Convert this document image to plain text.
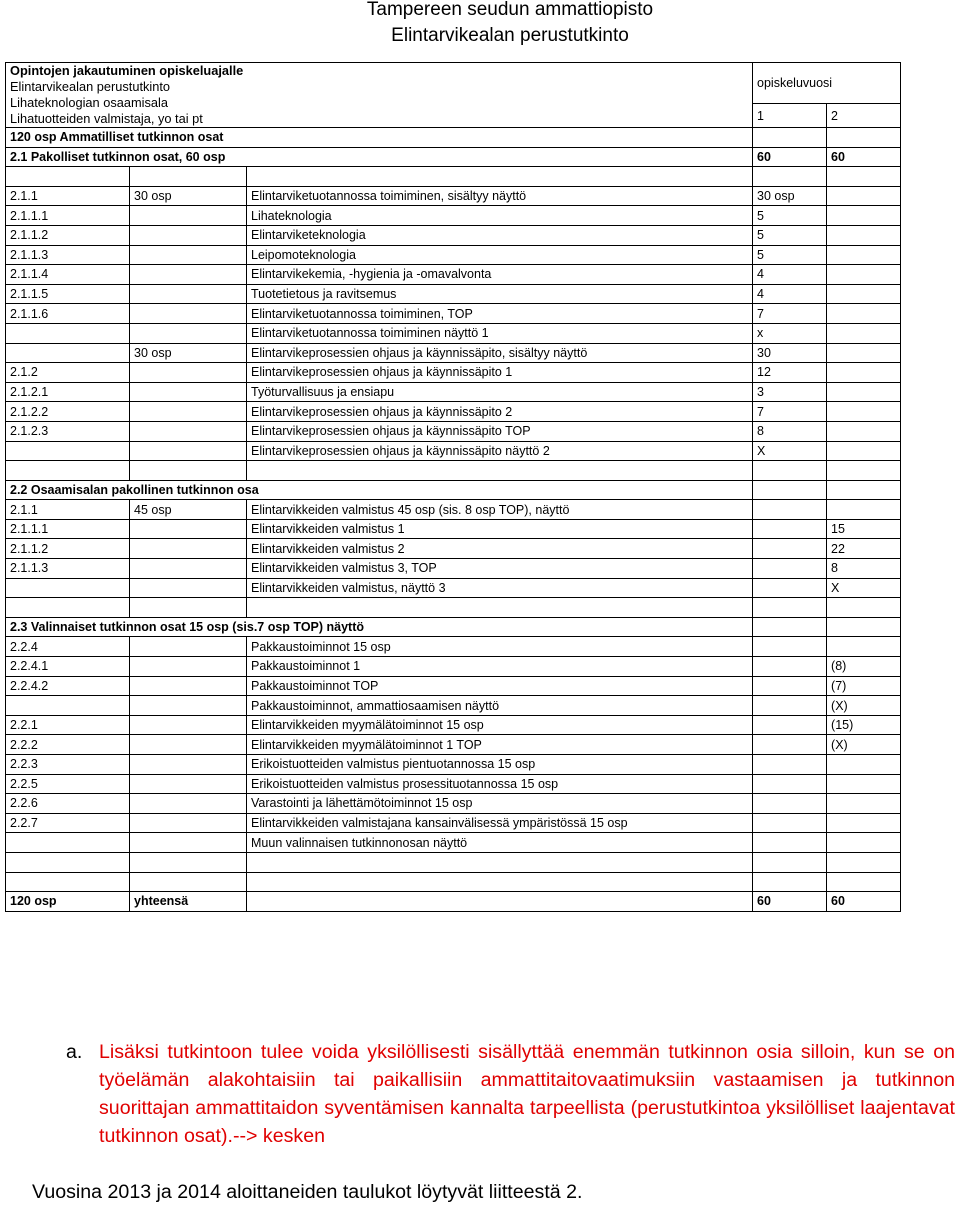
Tampereen seudun ammattiopisto
Elintarvikealan perustutkinto
Opintojen jakautuminen opiskeluajalle
Elintarvikealan perustutkinto
Lihateknologian osaamisala
Lihatuotteiden valmistaja, yo tai pt			opiskeluvuosi	
			1	2
120 osp Ammatilliset tutkinnon osat				
2.1 Pakolliset tutkinnon osat, 60 osp			60	60

2.1.1	30 osp	Elintarviketuotannossa toimiminen, sisältyy näyttö	30 osp	
2.1.1.1		Lihateknologia	5	
2.1.1.2		Elintarviketeknologia	5	
2.1.1.3		Leipomoteknologia	5	
2.1.1.4		Elintarvikekemia, -hygienia ja -omavalvonta	4	
2.1.1.5		Tuotetietous ja ravitsemus	4	
2.1.1.6		Elintarviketuotannossa toimiminen, TOP	7	
		Elintarviketuotannossa toimiminen näyttö 1	x	
	30 osp	Elintarvikeprosessien ohjaus ja käynnissäpito, sisältyy näyttö	30	
2.1.2		Elintarvikeprosessien ohjaus ja käynnissäpito 1	12	
2.1.2.1		Työturvallisuus ja ensiapu	3	
2.1.2.2		Elintarvikeprosessien ohjaus ja käynnissäpito 2	7	
2.1.2.3		Elintarvikeprosessien ohjaus ja käynnissäpito TOP	8	
		Elintarvikeprosessien ohjaus ja käynnissäpito näyttö 2	X	

2.2 Osaamisalan pakollinen tutkinnon osa				
2.1.1	45 osp	Elintarvikkeiden valmistus 45 osp (sis. 8 osp TOP), näyttö		
2.1.1.1		Elintarvikkeiden valmistus 1		15
2.1.1.2		Elintarvikkeiden valmistus 2		22
2.1.1.3		Elintarvikkeiden valmistus 3, TOP		8
		Elintarvikkeiden valmistus, näyttö 3		X

2.3 Valinnaiset tutkinnon osat 15 osp (sis.7 osp TOP) näyttö				
2.2.4		Pakkaustoiminnot 15 osp		
2.2.4.1		Pakkaustoiminnot 1		(8)
2.2.4.2		Pakkaustoiminnot TOP		(7)
		Pakkaustoiminnot, ammattiosaamisen näyttö		(X)
2.2.1		Elintarvikkeiden myymälätoiminnot 15 osp		(15)
2.2.2		Elintarvikkeiden myymälätoiminnot 1 TOP		(X)
2.2.3		Erikoistuotteiden valmistus pientuotannossa 15 osp		
2.2.5		Erikoistuotteiden valmistus prosessituotannossa 15 osp		
2.2.6		Varastointi ja lähettämötoiminnot 15 osp		
2.2.7		Elintarvikkeiden valmistajana kansainvälisessä ympäristössä 15 osp		
		Muun valinnaisen tutkinnonosan näyttö		

120 osp	yhteensä		60	60
a. Lisäksi tutkintoon tulee voida yksilöllisesti sisällyttää enemmän tutkinnon osia silloin, kun se on työelämän alakohtaisiin tai paikallisiin ammattitaitovaatimuksiin vastaamisen ja tutkinnon suorittajan ammattitaidon syventämisen kannalta tarpeellista (perustutkintoa yksilölliset laajentavat tutkinnon osat).--> kesken
Vuosina 2013 ja 2014 aloittaneiden taulukot löytyvät liitteestä 2.
